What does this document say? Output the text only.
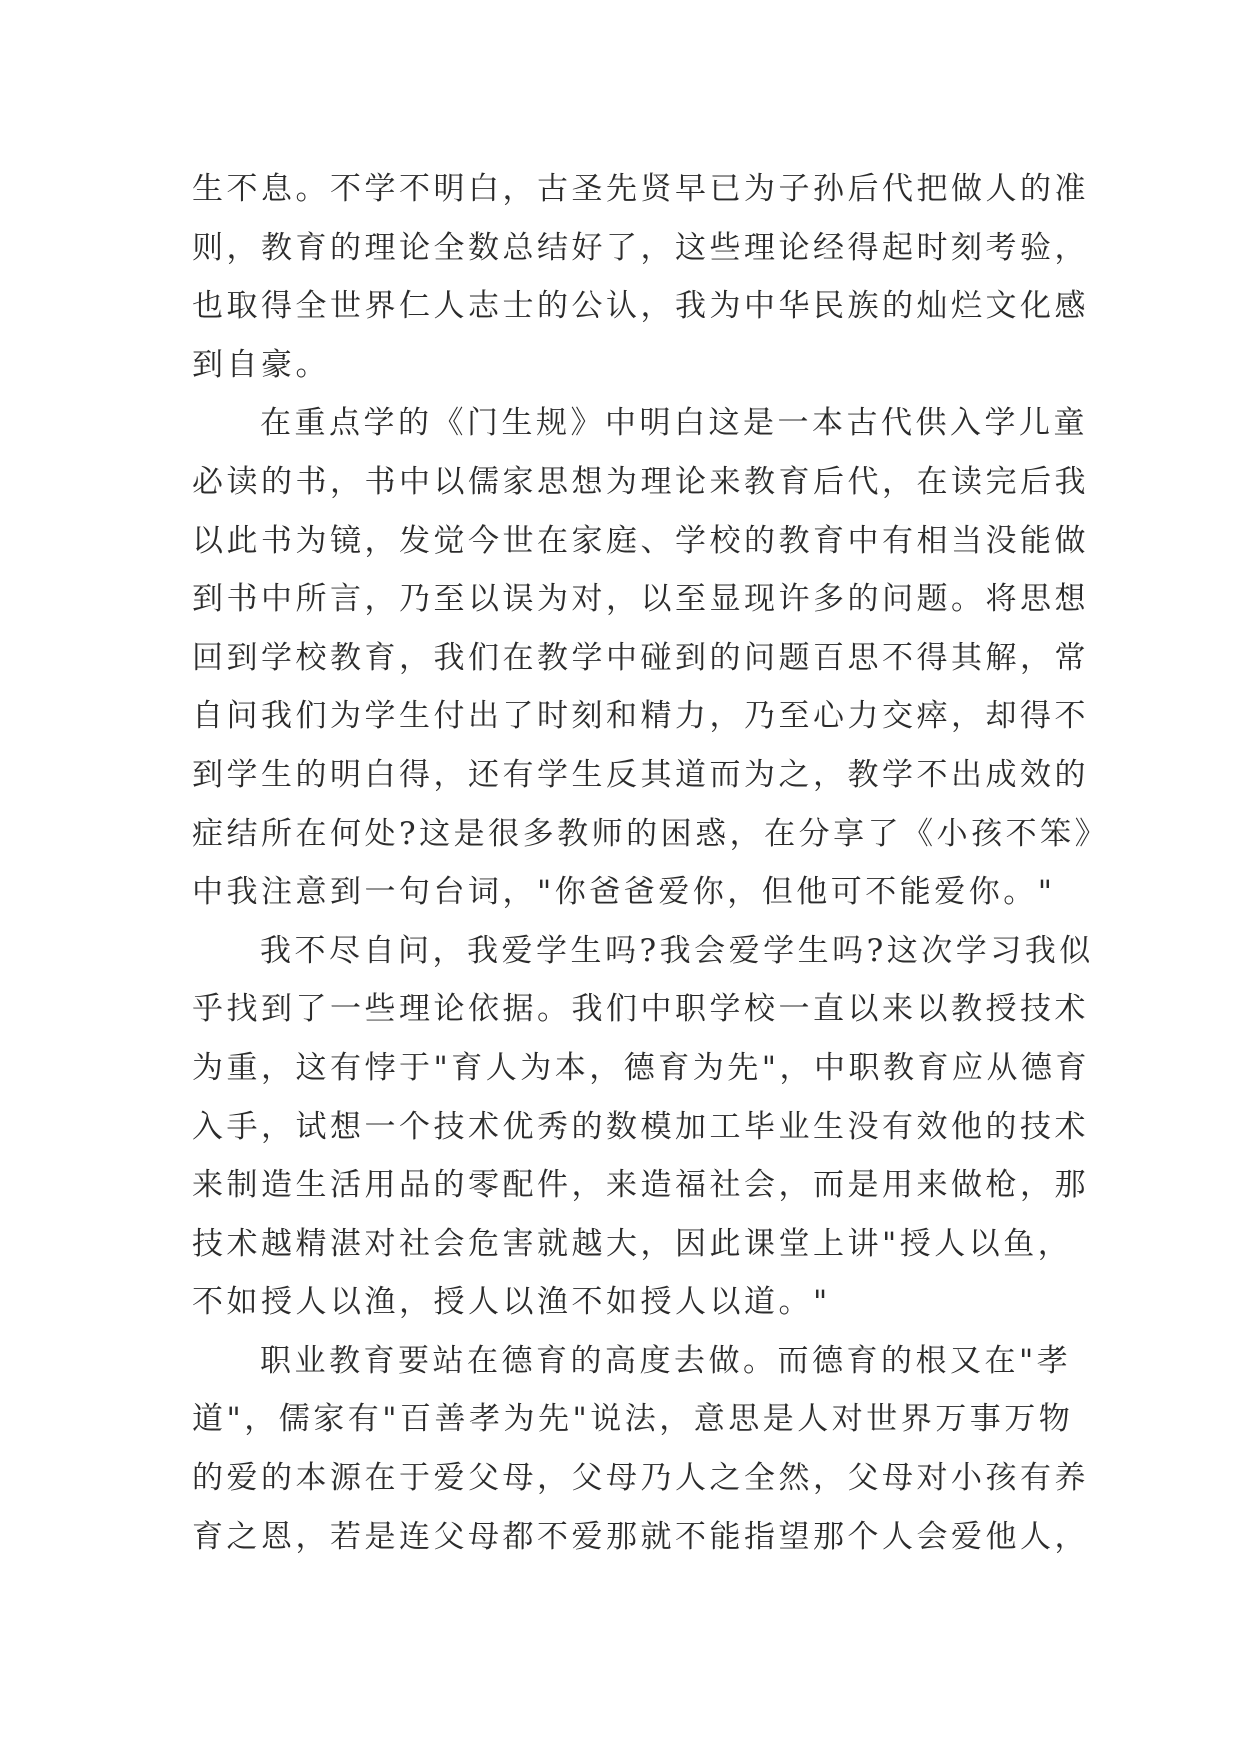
生不息。不学不明白，古圣先贤早已为子孙后代把做人的准
则，教育的理论全数总结好了，这些理论经得起时刻考验，
也取得全世界仁人志士的公认，我为中华民族的灿烂文化感
到自豪。
在重点学的《门生规》中明白这是一本古代供入学儿童
必读的书，书中以儒家思想为理论来教育后代，在读完后我
以此书为镜，发觉今世在家庭、学校的教育中有相当没能做
到书中所言，乃至以误为对，以至显现许多的问题。将思想
回到学校教育，我们在教学中碰到的问题百思不得其解，常
自问我们为学生付出了时刻和精力，乃至心力交瘁，却得不
到学生的明白得，还有学生反其道而为之，教学不出成效的
症结所在何处?这是很多教师的困惑，在分享了《小孩不笨》
中我注意到一句台词，"你爸爸爱你，但他可不能爱你。"
我不尽自问，我爱学生吗?我会爱学生吗?这次学习我似
乎找到了一些理论依据。我们中职学校一直以来以教授技术
为重，这有悖于"育人为本，德育为先"，中职教育应从德育
入手，试想一个技术优秀的数模加工毕业生没有效他的技术
来制造生活用品的零配件，来造福社会，而是用来做枪，那
技术越精湛对社会危害就越大，因此课堂上讲"授人以鱼，
不如授人以渔，授人以渔不如授人以道。"
职业教育要站在德育的高度去做。而德育的根又在"孝
道"，儒家有"百善孝为先"说法，意思是人对世界万事万物
的爱的本源在于爱父母，父母乃人之全然，父母对小孩有养
育之恩，若是连父母都不爱那就不能指望那个人会爱他人，
